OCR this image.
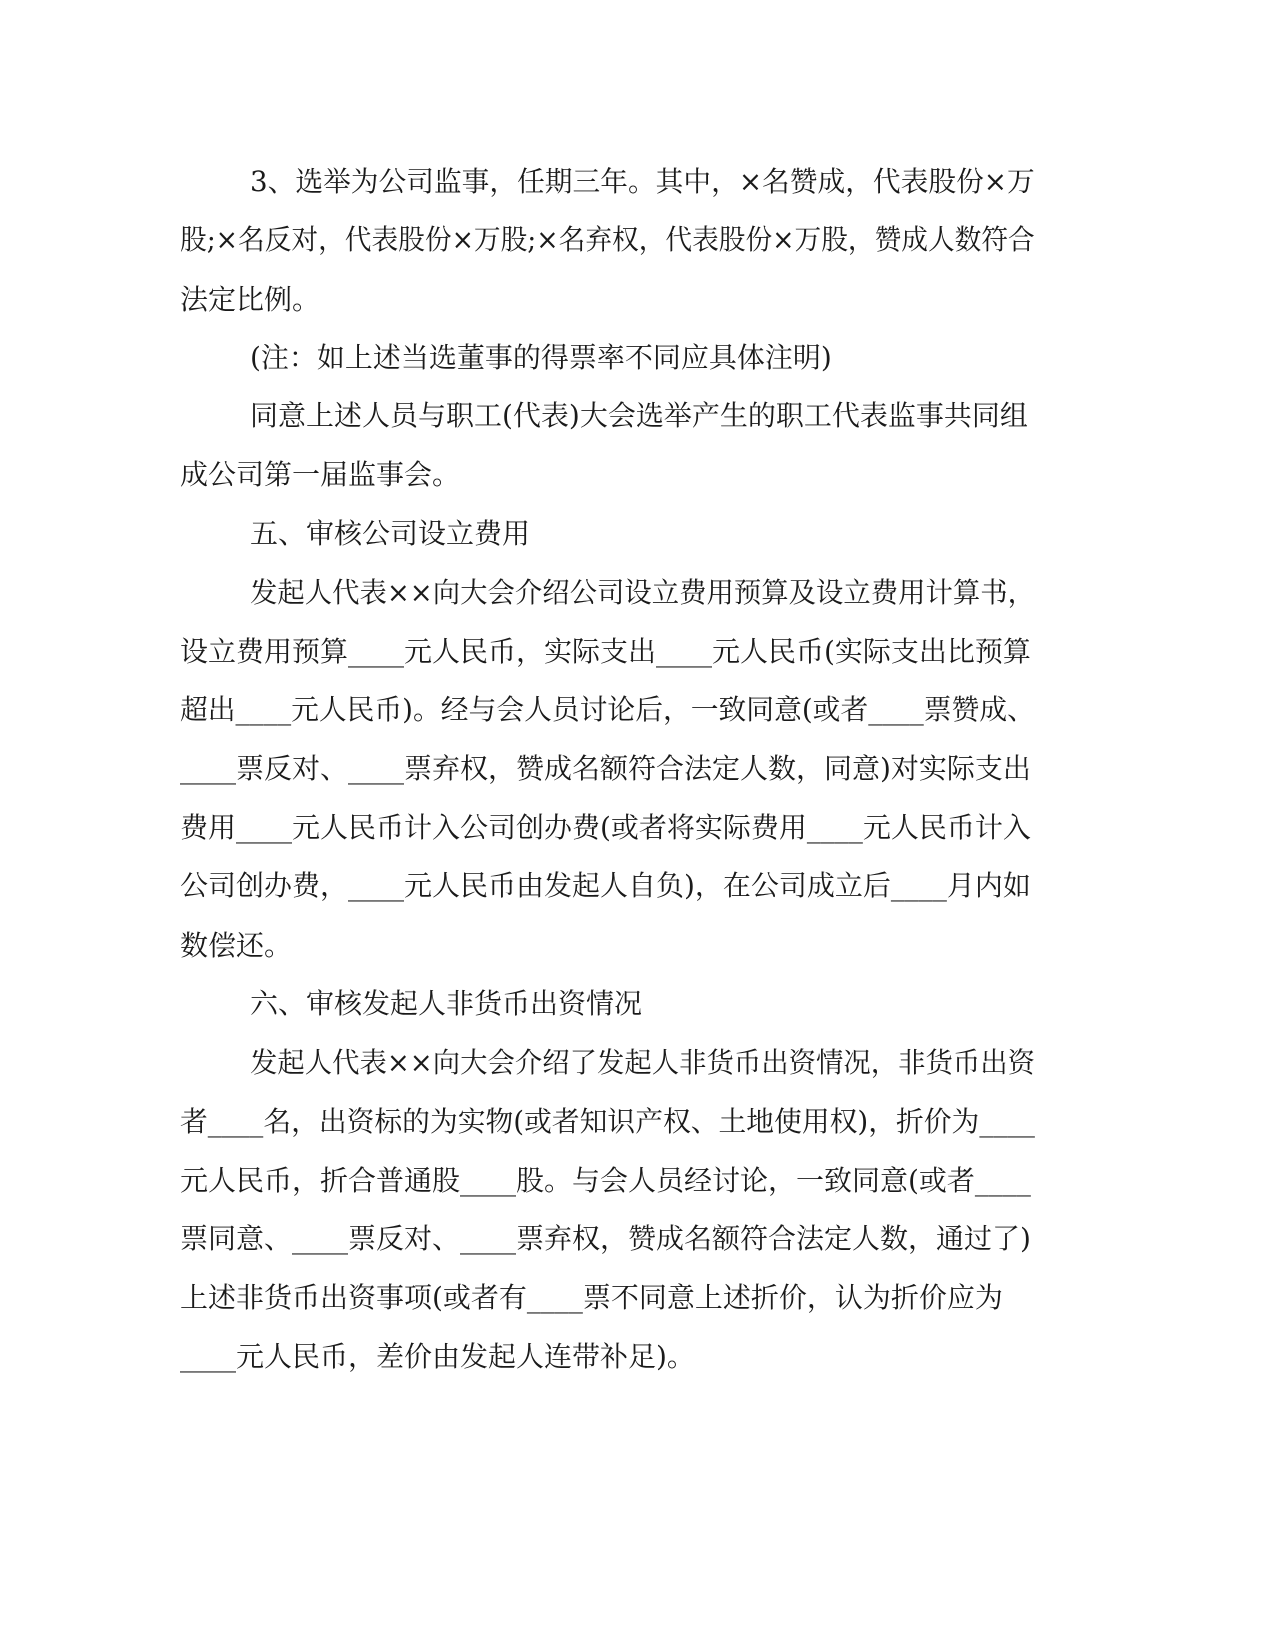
3、选举为公司监事，任期三年。其中，×名赞成，代表股份×万
股;×名反对，代表股份×万股;×名弃权，代表股份×万股，赞成人数符合
法定比例。
(注：如上述当选董事的得票率不同应具体注明)
同意上述人员与职工(代表)大会选举产生的职工代表监事共同组
成公司第一届监事会。
五、审核公司设立费用
发起人代表××向大会介绍公司设立费用预算及设立费用计算书，
设立费用预算____元人民币，实际支出____元人民币(实际支出比预算
超出____元人民币)。经与会人员讨论后，一致同意(或者____票赞成、
____票反对、____票弃权，赞成名额符合法定人数，同意)对实际支出
费用____元人民币计入公司创办费(或者将实际费用____元人民币计入
公司创办费，____元人民币由发起人自负)，在公司成立后____月内如
数偿还。
六、审核发起人非货币出资情况
发起人代表××向大会介绍了发起人非货币出资情况，非货币出资
者____名，出资标的为实物(或者知识产权、土地使用权)，折价为____
元人民币，折合普通股____股。与会人员经讨论，一致同意(或者____
票同意、____票反对、____票弃权，赞成名额符合法定人数，通过了)
上述非货币出资事项(或者有____票不同意上述折价，认为折价应为
____元人民币，差价由发起人连带补足)。
